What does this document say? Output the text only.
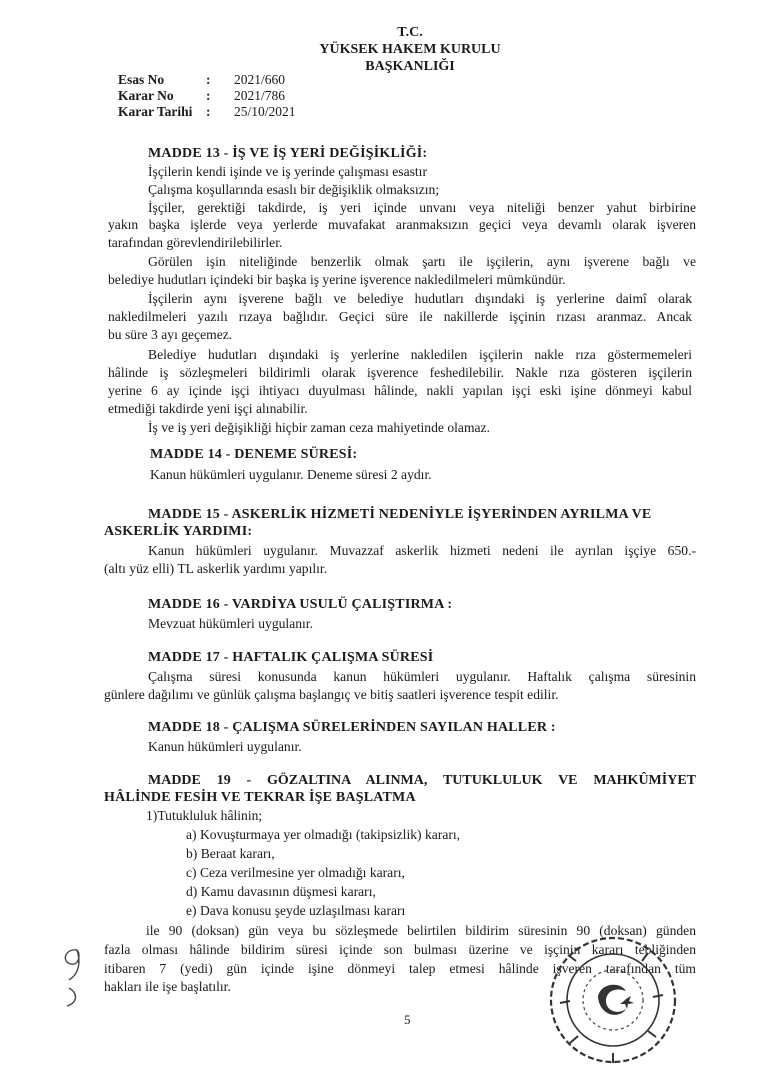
T.C.
YÜKSEK HAKEM KURULU
BAŞKANLIĞI
Esas No	:	2021/660
Karar No	:	2021/786
Karar Tarihi	:	25/10/2021
MADDE 13 - İŞ VE İŞ YERİ DEĞİŞİKLİĞİ:
İşçilerin kendi işinde ve iş yerinde çalışması esastır
Çalışma koşullarında esaslı bir değişiklik olmaksızın;
İşçiler, gerektiği takdirde, iş yeri içinde unvanı veya niteliği benzer yahut birbirine
yakın başka işlerde veya yerlerde muvafakat aranmaksızın geçici veya devamlı olarak işveren
tarafından görevlendirilebilirler.
Görülen işin niteliğinde benzerlik olmak şartı ile işçilerin, aynı işverene bağlı ve
belediye hudutları içindeki bir başka iş yerine işverence nakledilmeleri mümkündür.
İşçilerin aynı işverene bağlı ve belediye hudutları dışındaki iş yerlerine daimî olarak
nakledilmeleri yazılı rızaya bağlıdır. Geçici süre ile nakillerde işçinin rızası aranmaz. Ancak
bu süre 3 ayı geçemez.
Belediye hudutları dışındaki iş yerlerine nakledilen işçilerin nakle rıza göstermemeleri
hâlinde iş sözleşmeleri bildirimli olarak işverence feshedilebilir. Nakle rıza gösteren işçilerin
yerine 6 ay içinde işçi ihtiyacı duyulması hâlinde, nakli yapılan işçi eski işine dönmeyi kabul
etmediği takdirde yeni işçi alınabilir.
İş ve iş yeri değişikliği hiçbir zaman ceza mahiyetinde olamaz.
MADDE 14 - DENEME SÜRESİ:
Kanun hükümleri uygulanır. Deneme süresi 2 aydır.
MADDE 15 - ASKERLİK HİZMETİ NEDENİYLE İŞYERİNDEN AYRILMA VE
ASKERLİK YARDIMI:
Kanun hükümleri uygulanır. Muvazzaf askerlik hizmeti nedeni ile ayrılan işçiye 650.-
(altı yüz elli) TL askerlik yardımı yapılır.
MADDE 16 - VARDİYA USULÜ ÇALIŞTIRMA :
Mevzuat hükümleri uygulanır.
MADDE 17 - HAFTALIK ÇALIŞMA SÜRESİ
Çalışma süresi konusunda kanun hükümleri uygulanır. Haftalık çalışma süresinin
günlere dağılımı ve günlük çalışma başlangıç ve bitiş saatleri işverence tespit edilir.
MADDE 18 - ÇALIŞMA SÜRELERİNDEN SAYILAN HALLER :
Kanun hükümleri uygulanır.
MADDE 19 - GÖZALTINA ALINMA, TUTUKLULUK VE MAHKÛMİYET
HÂLİNDE FESİH VE TEKRAR İŞE BAŞLATMA
1)Tutukluluk hâlinin;
a) Kovuşturmaya yer olmadığı (takipsizlik) kararı,
b) Beraat kararı,
c) Ceza verilmesine yer olmadığı kararı,
d) Kamu davasının düşmesi kararı,
e) Dava konusu şeyde uzlaşılması kararı
ile 90 (doksan) gün veya bu sözleşmede belirtilen bildirim süresinin 90 (doksan) günden
fazla olması hâlinde bildirim süresi içinde son bulması üzerine ve işçinin kararı tebliğinden
itibaren 7 (yedi) gün içinde işine dönmeyi talep etmesi hâlinde işveren tarafından tüm
hakları ile işe başlatılır.
5
